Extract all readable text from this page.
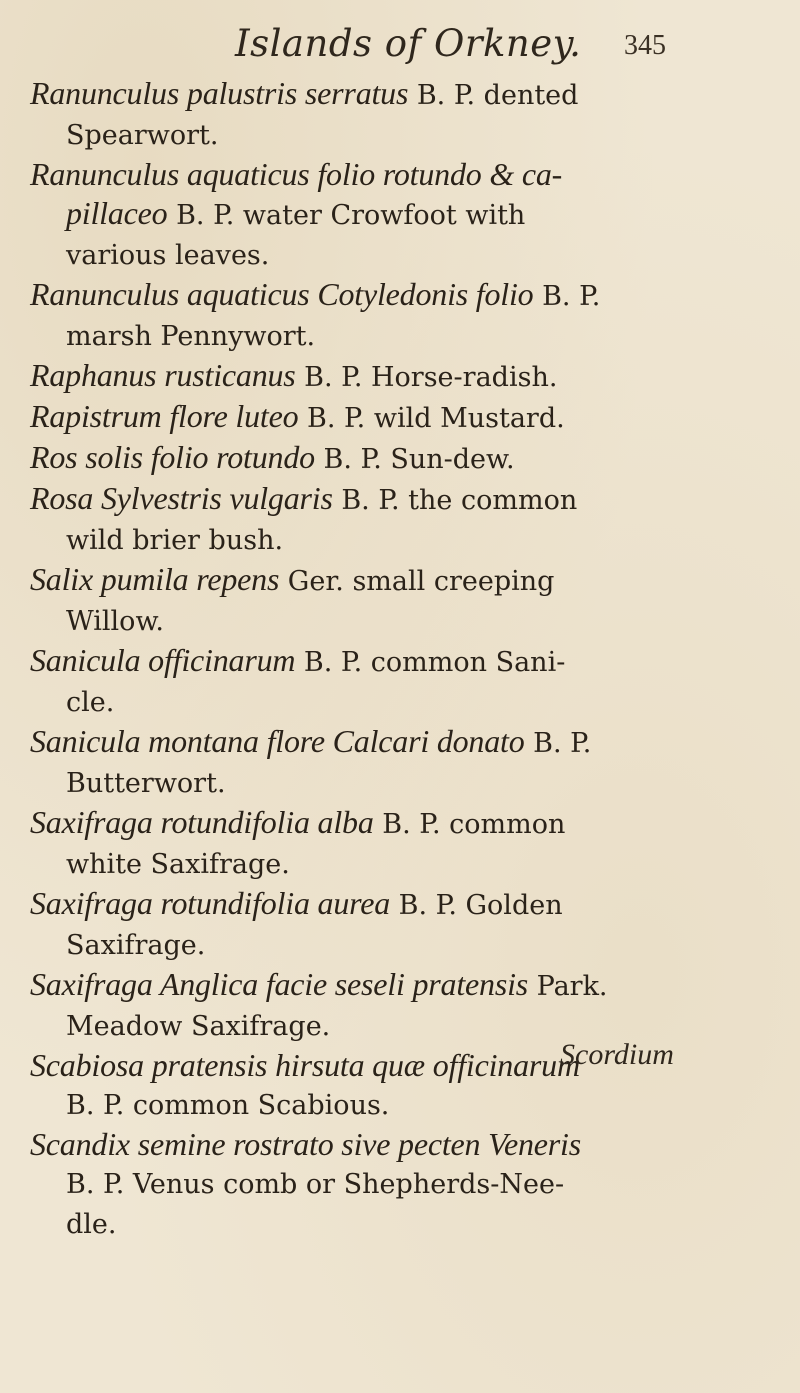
Islands of Orkney. 345
Ranunculus palustris serratus B. P. dented
Spearwort.
Ranunculus aquaticus folio rotundo & ca-
pillaceo B. P. water Crowfoot with
various leaves.
Ranunculus aquaticus Cotyledonis folio B. P.
marsh Pennywort.
Raphanus rusticanus B. P. Horse-radish.
Rapistrum flore luteo B. P. wild Mustard.
Ros solis folio rotundo B. P. Sun-dew.
Rosa Sylvestris vulgaris B. P. the common
wild brier bush.
Salix pumila repens Ger. small creeping
Willow.
Sanicula officinarum B. P. common Sani-
cle.
Sanicula montana flore Calcari donato B. P.
Butterwort.
Saxifraga rotundifolia alba B. P. common
white Saxifrage.
Saxifraga rotundifolia aurea B. P. Golden
Saxifrage.
Saxifraga Anglica facie seseli pratensis Park.
Meadow Saxifrage.
Scabiosa pratensis hirsuta quæ officinarum
B. P. common Scabious.
Scandix semine rostrato sive pecten Veneris
B. P. Venus comb or Shepherds-Nee-
dle.
Scordium
